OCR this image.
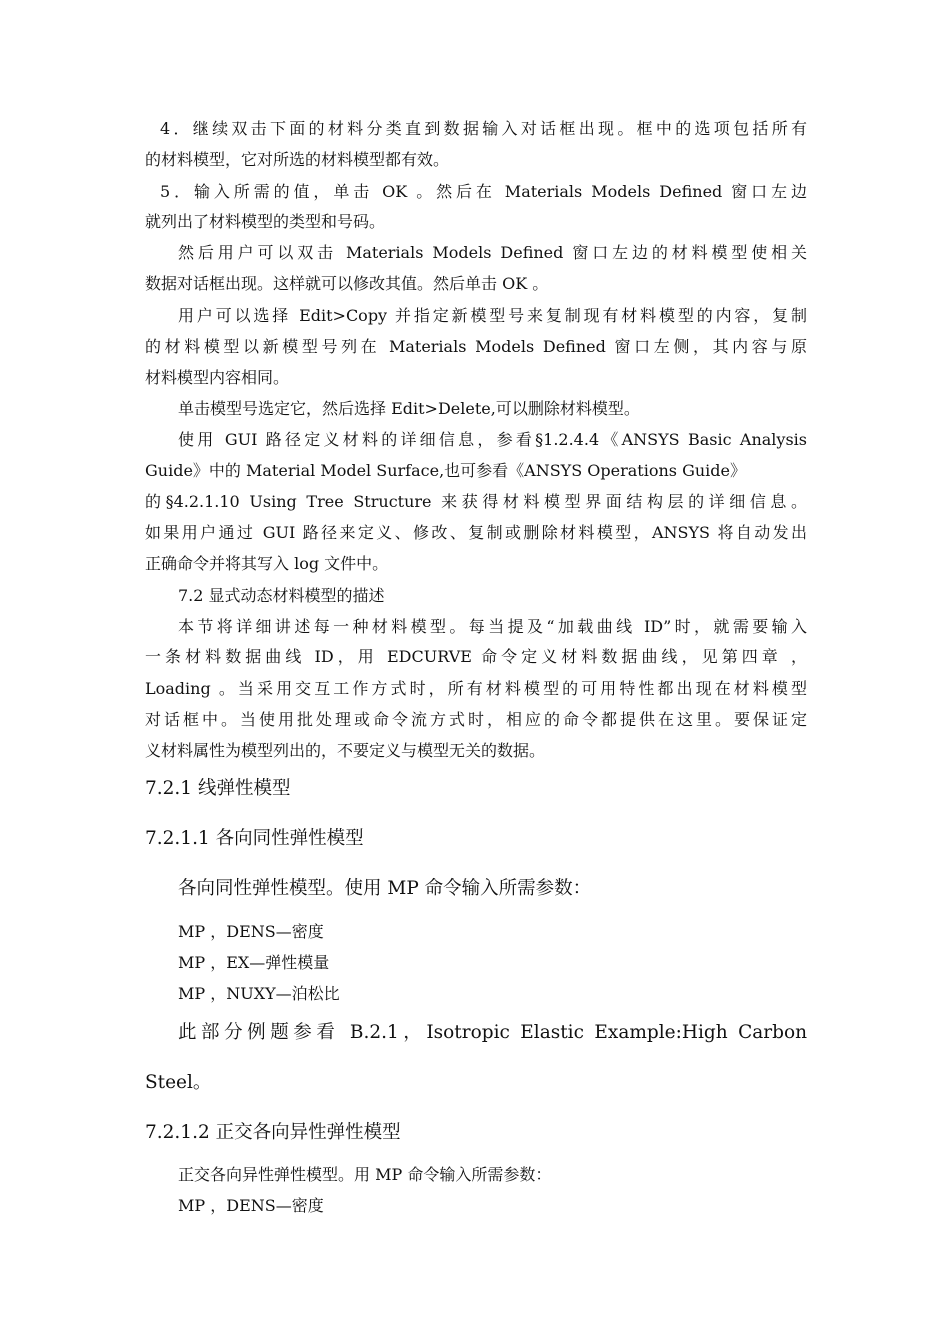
4．继续双击下面的材料分类直到数据输入对话框出现。框中的选项包括所有
的材料模型，它对所选的材料模型都有效。
5．输入所需的值，单击 OK 。然后在 Materials Models Defined 窗口左边
就列出了材料模型的类型和号码。
然后用户可以双击 Materials Models Defined 窗口左边的材料模型使相关
数据对话框出现。这样就可以修改其值。然后单击 OK 。
用户可以选择 Edit>Copy 并指定新模型号来复制现有材料模型的内容，复制
的材料模型以新模型号列在 Materials Models Defined 窗口左侧，其内容与原
材料模型内容相同。
单击模型号选定它，然后选择 Edit>Delete,可以删除材料模型。
使用 GUI 路径定义材料的详细信息，参看§1.2.4.4《ANSYS Basic Analysis
Guide》中的 Material Model Surface,也可参看《ANSYS Operations Guide》
的§4.2.1.10 Using Tree Structure 来获得材料模型界面结构层的详细信息。
如果用户通过 GUI 路径来定义、修改、复制或删除材料模型，ANSYS 将自动发出
正确命令并将其写入 log 文件中。
7.2 显式动态材料模型的描述
本节将详细讲述每一种材料模型。每当提及“加载曲线 ID”时，就需要输入
一条材料数据曲线 ID，用 EDCURVE 命令定义材料数据曲线，见第四章 ，
Loading 。当采用交互工作方式时，所有材料模型的可用特性都出现在材料模型
对话框中。当使用批处理或命令流方式时，相应的命令都提供在这里。要保证定
义材料属性为模型列出的，不要定义与模型无关的数据。
7.2.1 线弹性模型
7.2.1.1 各向同性弹性模型
各向同性弹性模型。使用 MP 命令输入所需参数：
MP ，DENS—密度
MP ，EX—弹性模量
MP ，NUXY—泊松比
此部分例题参看 B.2.1，Isotropic Elastic Example:High Carbon
Steel。
7.2.1.2 正交各向异性弹性模型
正交各向异性弹性模型。用 MP 命令输入所需参数：
MP ，DENS—密度
